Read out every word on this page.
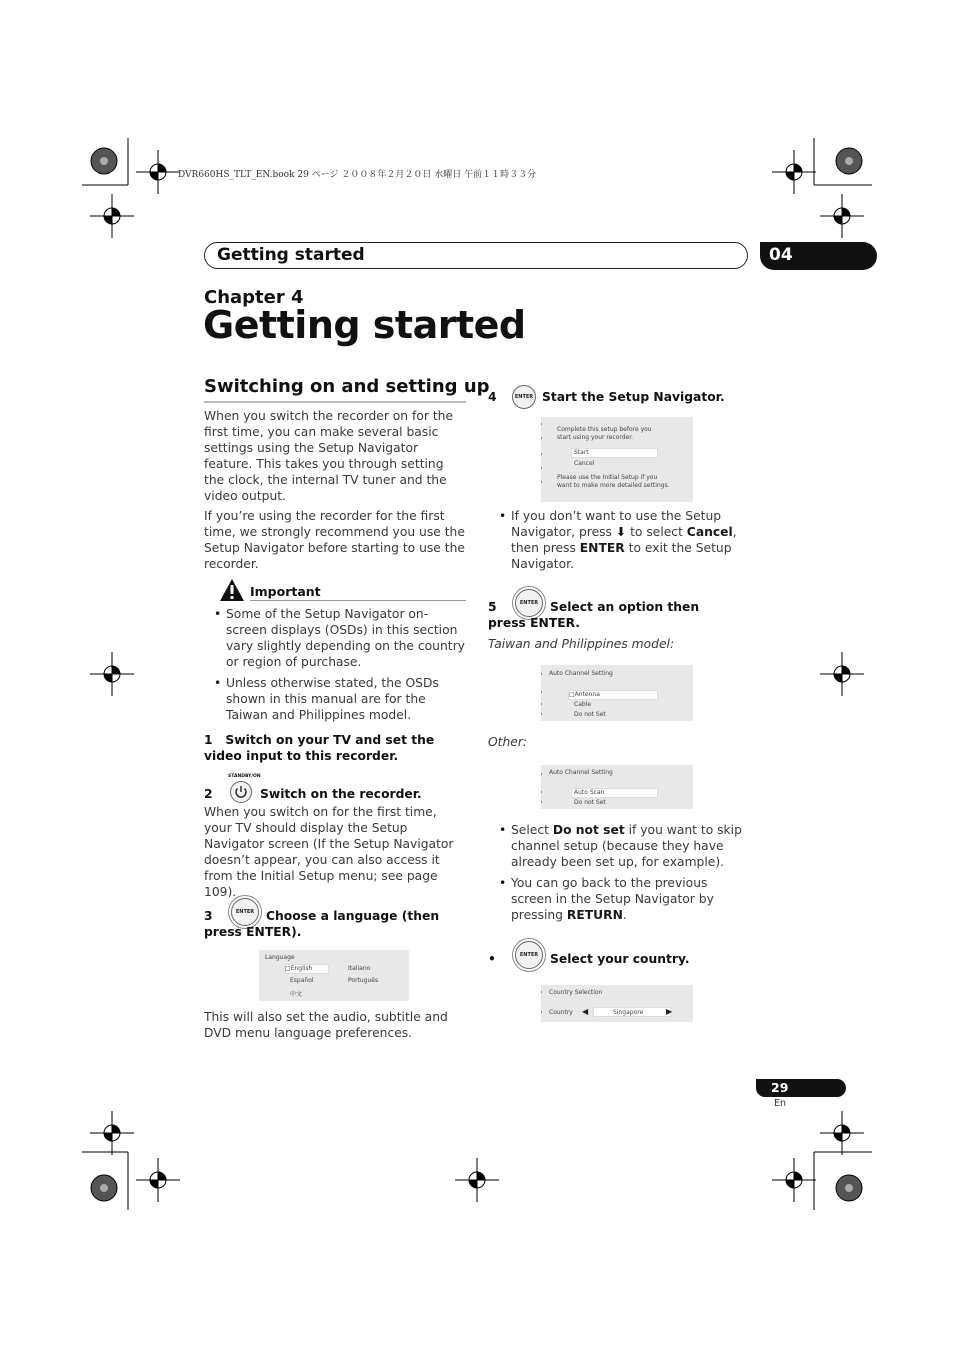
DVR660HS_TLT_EN.book 29 ページ ２００８年２月２０日 水曜日 午前１１時３３分
Getting started	04
Chapter 4
Getting started
Switching on and setting up

When you switch the recorder on for the first time, you can make several basic settings using the Setup Navigator feature. This takes you through setting the clock, the internal TV tuner and the video output.

If you’re using the recorder for the first time, we strongly recommend you use the Setup Navigator before starting to use the recorder.

Important
• Some of the Setup Navigator on-screen displays (OSDs) in this section vary slightly depending on the country or region of purchase.
• Unless otherwise stated, the OSDs shown in this manual are for the Taiwan and Philippines model.
1 Switch on your TV and set the video input to this recorder.
STANDBY/ON
2	Switch on the recorder.

When you switch on for the first time, your TV should display the Setup Navigator screen (If the Setup Navigator doesn’t appear, you can also access it from the Initial Setup menu; see page 109).

ENTER
3	Choose a language (then press ENTER).
Language
□English
Español
中文
Italiano
Português

This will also set the audio, subtitle and DVD menu language preferences.

ENTER
4	Start the Setup Navigator.
Complete this setup before you
start using your recorder.
Start
Cancel
Please use the Initial Setup if you
want to make more detailed settings.
• If you don’t want to use the Setup Navigator, press ⬇ to select Cancel, then press ENTER to exit the Setup Navigator.
ENTER
5	Select an option then press ENTER.
Taiwan and Philippines model:
Auto Channel Setting
□Antenna
Cable
Do not Set
Other:
Auto Channel Setting
Auto Scan
Do not Set
• Select Do not set if you want to skip channel setup (because they have already been set up, for example).
• You can go back to the previous screen in the Setup Navigator by pressing RETURN.
•	ENTER Select your country.
Country Selection
Country ◀	Singapore	▶
29
En
